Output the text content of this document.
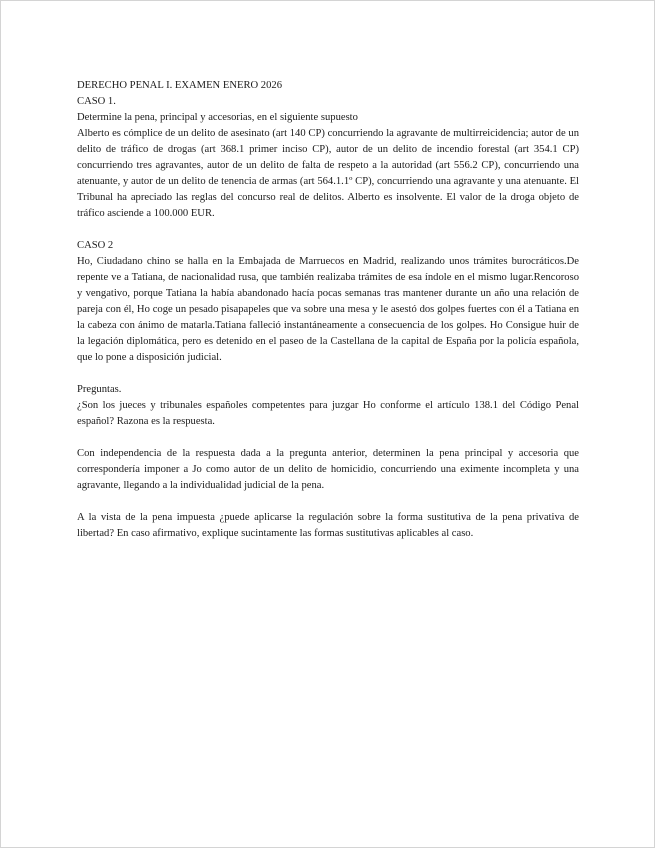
DERECHO PENAL I. EXAMEN ENERO 2026

CASO 1.

Determine la pena, principal y accesorias, en el siguiente supuesto

Alberto es cómplice de un delito de asesinato (art 140 CP) concurriendo la agravante de multirreicidencia; autor de un delito de tráfico de drogas (art 368.1 primer inciso CP), autor de un delito de incendio forestal (art 354.1 CP) concurriendo tres agravantes, autor de un delito de falta de respeto a la autoridad (art 556.2 CP), concurriendo una atenuante, y autor de un delito de tenencia de armas (art 564.1.1º CP), concurriendo una agravante y una atenuante. El Tribunal ha apreciado las reglas del concurso real de delitos. Alberto es insolvente. El valor de la droga objeto de tráfico asciende a 100.000 EUR.

CASO 2

Ho, Ciudadano chino se halla en la Embajada de Marruecos en Madrid, realizando unos trámites burocráticos.De repente ve a Tatiana, de nacionalidad rusa, que también realizaba trámites de esa índole en el mismo lugar.Rencoroso y vengativo, porque Tatiana la había abandonado hacía pocas semanas tras mantener durante un año una relación de pareja con él, Ho coge un pesado pisapapeles que va sobre una mesa y le asestó dos golpes fuertes con él a Tatiana en la cabeza con ánimo de matarla.Tatiana falleció instantáneamente a consecuencia de los golpes. Ho Consigue huir de la legación diplomática, pero es detenido en el paseo de la Castellana de la capital de España por la policía española, que lo pone a disposición judicial.

Preguntas.

¿Son los jueces y tribunales españoles competentes para juzgar Ho conforme el artículo 138.1 del Código Penal español? Razona es la respuesta.

Con independencia de la respuesta dada a la pregunta anterior, determinen la pena principal y accesoria que correspondería imponer a Jo como autor de un delito de homicidio, concurriendo una eximente incompleta y una agravante, llegando a la individualidad judicial de la pena.

A la vista de la pena impuesta ¿puede aplicarse la regulación sobre la forma sustitutiva de la pena privativa de libertad? En caso afirmativo, explique sucintamente las formas sustitutivas aplicables al caso.
